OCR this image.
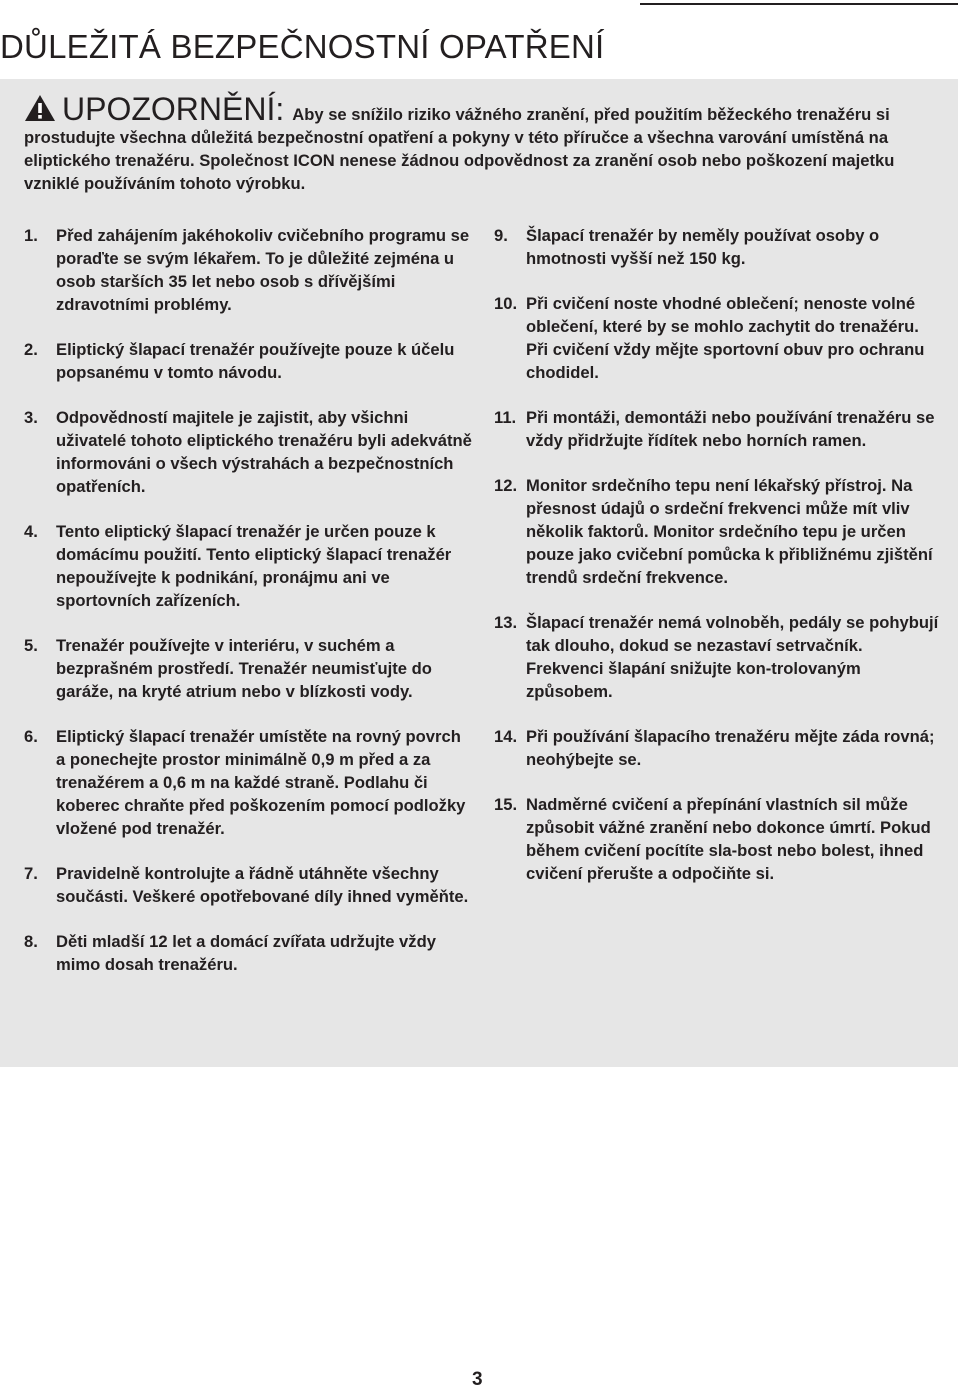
DŮLEŽITÁ BEZPEČNOSTNÍ OPATŘENÍ
UPOZORNĚNÍ: Aby se snížilo riziko vážného zranění, před použitím běžeckého trenažéru si prostudujte všechna důležitá bezpečnostní opatření a pokyny v této příručce a všechna varování umístěná na eliptického trenažéru. Společnost ICON nenese žádnou odpovědnost za zranění osob nebo poškození majetku vzniklé používáním tohoto výrobku.
1. Před zahájením jakéhokoliv cvičebního programu se poraďte se svým lékařem. To je důležité zejména u osob starších 35 let nebo osob s dřívějšími zdravotními problémy.
2. Eliptický šlapací trenažér používejte pouze k účelu popsanému v tomto návodu.
3. Odpovědností majitele je zajistit, aby všichni uživatelé tohoto eliptického trenažéru byli adekvátně informováni o všech výstrahách a bezpečnostních opatřeních.
4. Tento eliptický šlapací trenažér je určen pouze k domácímu použití. Tento eliptický šlapací trenažér nepoužívejte k podnikání, pronájmu ani ve sportovních zařízeních.
5. Trenažér používejte v interiéru, v suchém a bezprašném prostředí. Trenažér neumisťujte do garáže, na kryté atrium nebo v blízkosti vody.
6. Eliptický šlapací trenažér umístěte na rovný povrch a ponechejte prostor minimálně 0,9 m před a za trenažérem a 0,6 m na každé straně. Podlahu či koberec chraňte před poškozením pomocí podložky vložené pod trenažér.
7. Pravidelně kontrolujte a řádně utáhněte všechny součásti. Veškeré opotřebované díly ihned vyměňte.
8. Děti mladší 12 let a domácí zvířata udržujte vždy mimo dosah trenažéru.
9. Šlapací trenažér by neměly používat osoby o hmotnosti vyšší než 150 kg.
10. Při cvičení noste vhodné oblečení; nenoste volné oblečení, které by se mohlo zachytit do trenažéru. Při cvičení vždy mějte sportovní obuv pro ochranu chodidel.
11. Při montáži, demontáži nebo používání trenažéru se vždy přidržujte řídítek nebo horních ramen.
12. Monitor srdečního tepu není lékařský přístroj. Na přesnost údajů o srdeční frekvenci může mít vliv několik faktorů. Monitor srdečního tepu je určen pouze jako cvičební pomůcka k přibližnému zjištění trendů srdeční frekvence.
13. Šlapací trenažér nemá volnoběh, pedály se pohybují tak dlouho, dokud se nezastaví setrvačník. Frekvenci šlapání snižujte kon-trolovaným způsobem.
14. Při používání šlapacího trenažéru mějte záda rovná; neohýbejte se.
15. Nadměrné cvičení a přepínání vlastních sil může způsobit vážné zranění nebo dokonce úmrtí. Pokud během cvičení pocítíte sla-bost nebo bolest, ihned cvičení přerušte a odpočiňte si.
3
